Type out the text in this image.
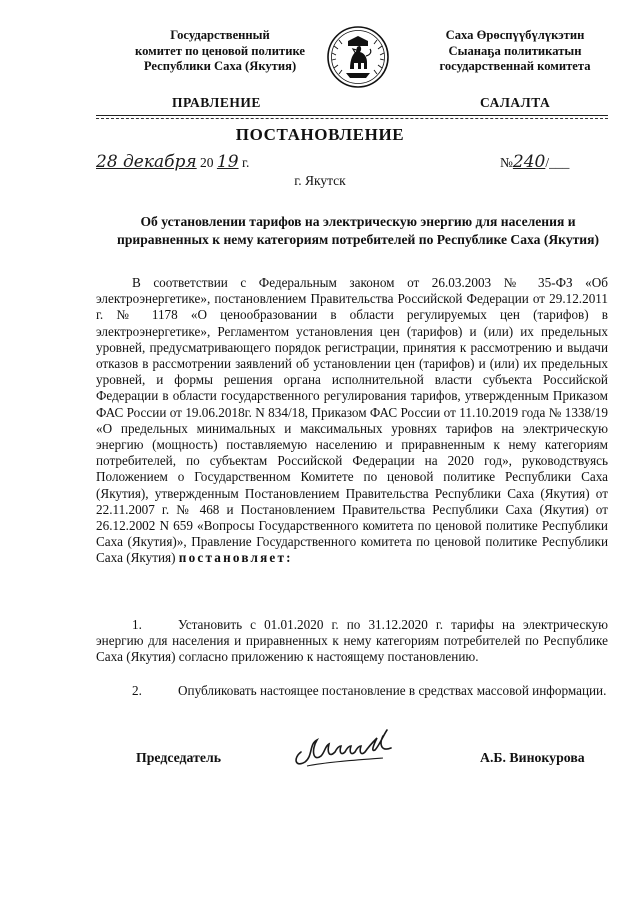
Государственный
комитет по ценовой политике
Республики Саха (Якутия)
Саха Өрөспүүбүлүкэтин
Сыанаҕа политикатын
государственнай комитета
ПРАВЛЕНИЕ	САЛАЛТА
ПОСТАНОВЛЕНИЕ
28 декабря 20 19 г.	№240/___
г. Якутск
Об установлении тарифов на электрическую энергию для населения и приравненных к нему категориям потребителей по Республике Саха (Якутия)
В соответствии с Федеральным законом от 26.03.2003 № 35-ФЗ «Об электроэнергетике», постановлением Правительства Российской Федерации от 29.12.2011 г. № 1178 «О ценообразовании в области регулируемых цен (тарифов) в электроэнергетике», Регламентом установления цен (тарифов) и (или) их предельных уровней, предусматривающего порядок регистрации, принятия к рассмотрению и выдачи отказов в рассмотрении заявлений об установлении цен (тарифов) и (или) их предельных уровней, и формы решения органа исполнительной власти субъекта Российской Федерации в области государственного регулирования тарифов, утвержденным Приказом ФАС России от 19.06.2018г. N 834/18, Приказом ФАС России от 11.10.2019 года № 1338/19 «О предельных минимальных и максимальных уровнях тарифов на электрическую энергию (мощность) поставляемую населению и приравненным к нему категориям потребителей, по субъектам Российской Федерации на 2020 год», руководствуясь Положением о Государственном Комитете по ценовой политике Республики Саха (Якутия), утвержденным Постановлением Правительства Республики Саха (Якутия) от 22.11.2007 г. № 468 и Постановлением Правительства Республики Саха (Якутия) от 26.12.2002 N 659 «Вопросы Государственного комитета по ценовой политике Республики Саха (Якутия)», Правление Государственного комитета по ценовой политике Республики Саха (Якутия) постановляет:
1.	Установить с 01.01.2020 г. по 31.12.2020 г. тарифы на электрическую энергию для населения и приравненных к нему категориям потребителей по Республике Саха (Якутия) согласно приложению к настоящему постановлению.
2.	Опубликовать настоящее постановление в средствах массовой информации.
Председатель	А.Б. Винокурова
